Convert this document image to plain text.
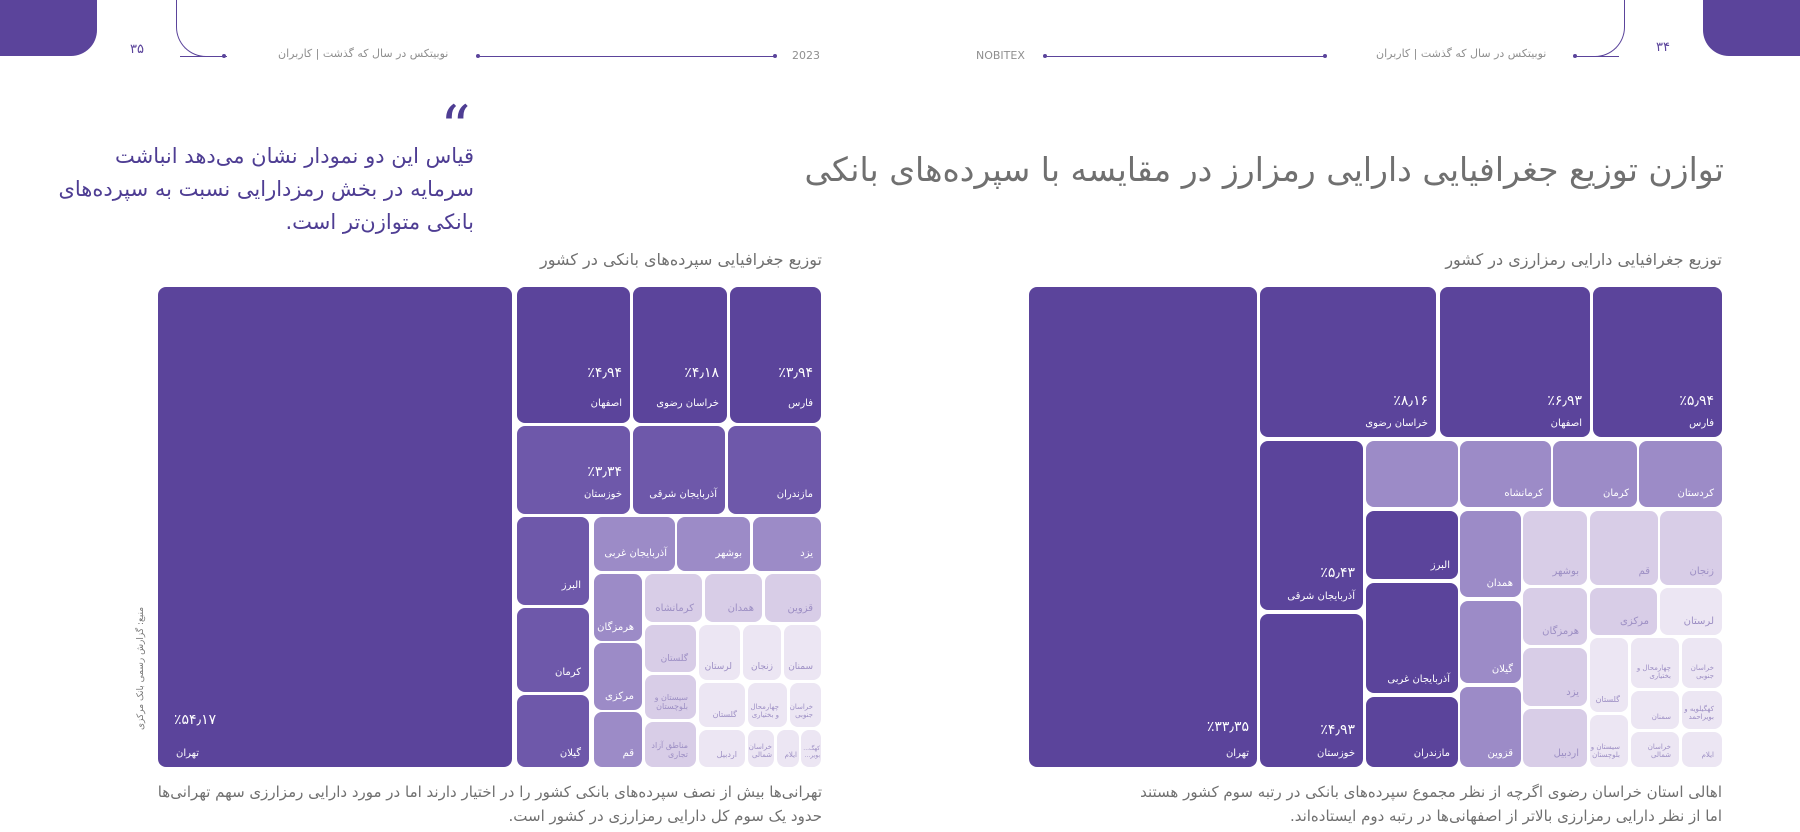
۳۵	۳۴
نوبیتکس در سال که گذشت | کاربران	نوبیتکس در سال که گذشت | کاربران
2023	NOBITEX
توازن توزیع جغرافیایی دارایی رمزارز در مقایسه با سپرده‌های بانکی
“
قیاس این دو نمودار نشان می‌دهد انباشت سرمایه در بخش رمزدارایی نسبت به سپرده‌های بانکی متوازن‌تر است.
توزیع جغرافیایی دارایی رمزارزی در کشور
توزیع جغرافیایی سپرده‌های بانکی در کشور
منبع: گزارش رسمی بانک مرکزی	٪۳۳٫۳۵
تهران
٪۸٫۱۶
خراسان رضوی
٪۶٫۹۳
اصفهان
٪۵٫۹۴
فارس
٪۵٫۴۳
آذربایجان شرقی
٪۴٫۹۳
خوزستان
کرمانشاه	کرمان	کردستان
البرز
آذربایجان غربی
مازندران
همدان
گیلان
قزوین
بوشهر	قم	زنجان
هرمزگان
مرکزی	لرستان
یزد
اردبیل
گلستان
سیستان و بلوچستان
چهارمحال و بختیاری
سمنان
خراسان شمالی
خراسان جنوبی
کهگیلویه و بویراحمد
ایلام
٪۵۴٫۱۷
تهران
٪۴٫۹۴
اصفهان
٪۴٫۱۸
خراسان رضوی
٪۳٫۹۴
فارس
٪۳٫۳۴
خوزستان	آذربایجان شرقی	مازندران
البرز
کرمان
گیلان
آذربایجان غربی	بوشهر	یزد
هرمزگان
مرکزی
قم
کرمانشاه	همدان	قزوین
گلستان
لرستان زنجان سمنان
سیستان و بلوچستان
گلستان
چهارمحال و بختیاری
خراسان جنوبی
مناطق آزاد تجاری	اردبیل
خراسان شمالی ایلام
کهگ... بویر...
اهالی استان خراسان رضوی اگرچه از نظر مجموع سپرده‌های بانکی در رتبه سوم کشور هستند
اما از نظر دارایی رمزارزی بالاتر از اصفهانی‌ها در رتبه دوم ایستاده‌اند.
تهرانی‌ها بیش از نصف سپرده‌های بانکی کشور را در اختیار دارند اما در مورد دارایی رمزارزی سهم تهرانی‌ها
حدود یک سوم کل دارایی رمزارزی در کشور است.
